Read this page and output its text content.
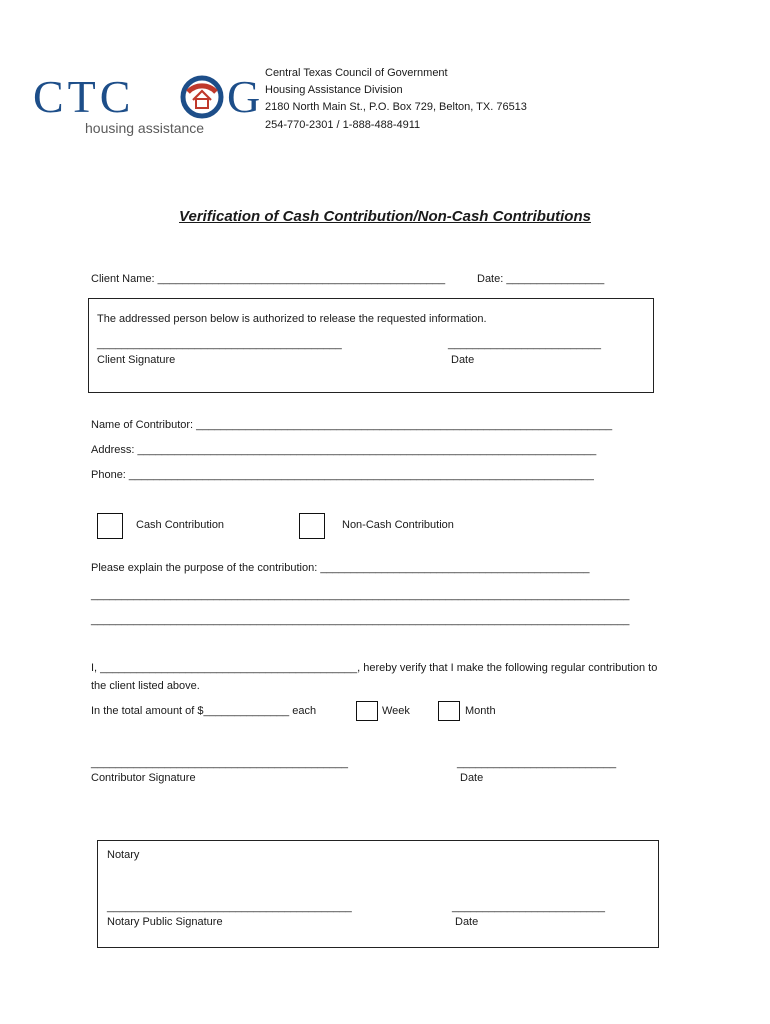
CTC G
housing assistance
Central Texas Council of Government
Housing Assistance Division
2180 North Main St., P.O. Box 729, Belton, TX. 76513
254-770-2301 / 1-888-488-4911
Verification of Cash Contribution/Non-Cash Contributions
Client Name: _______________________________________________	Date: ________________
The addressed person below is authorized to release the requested information.
________________________________________
Client Signature
_________________________
Date
Name of Contributor: ____________________________________________________________________
Address: ___________________________________________________________________________
Phone: ____________________________________________________________________________
Cash Contribution	Non-Cash Contribution
Please explain the purpose of the contribution: ____________________________________________
________________________________________________________________________________________
________________________________________________________________________________________
I, __________________________________________, hereby verify that I make the following regular contribution to
the client listed above.
In the total amount of $______________ each	Week	Month
__________________________________________
Contributor Signature
__________________________
Date
Notary
________________________________________
Notary Public Signature
_________________________
Date
